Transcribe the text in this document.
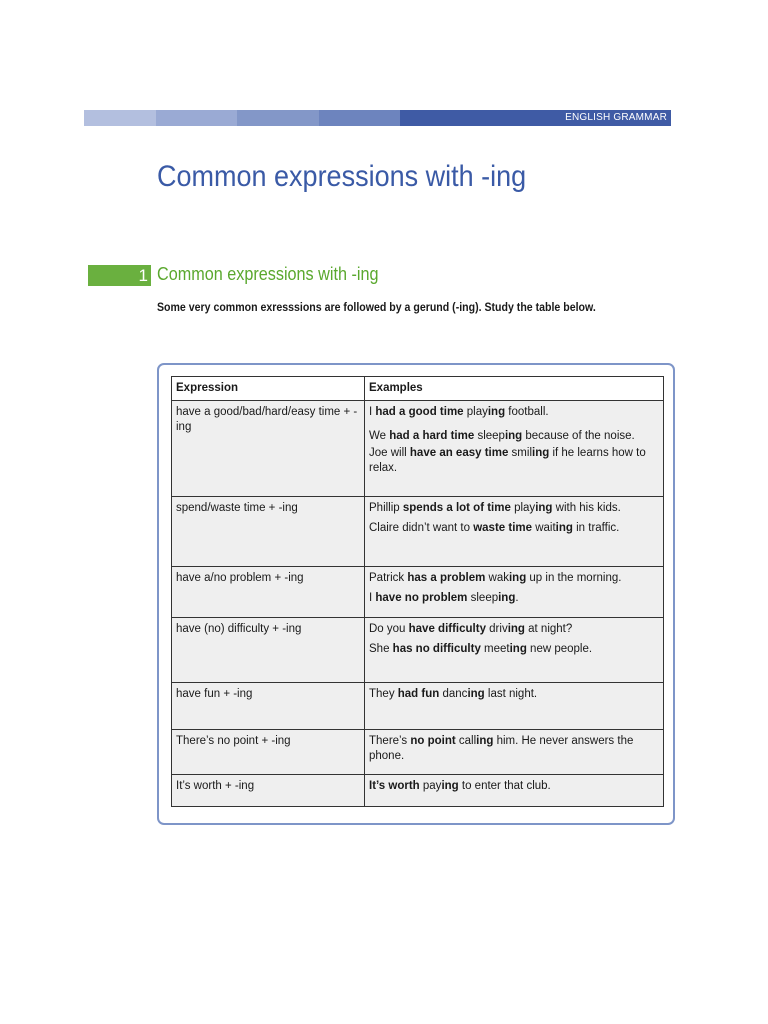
ENGLISH GRAMMAR
Common expressions with -ing
1 Common expressions with -ing

Some very common exresssions are followed by a gerund (-ing). Study the table below.

Expression	Examples
have a good/bad/hard/easy time + -ing	I had a good time playing football.

We had a hard time sleeping because of the noise.

Joe will have an easy time smiling if he learns how to relax.

spend/waste time + -ing	Phillip spends a lot of time playing with his kids.

Claire didn’t want to waste time waiting in traffic.

have a/no problem + -ing	Patrick has a problem waking up in the morning.

I have no problem sleeping.

have (no) difficulty + -ing	Do you have difficulty driving at night?

She has no difficulty meeting new people.

have fun + -ing	They had fun dancing last night.

There’s no point + -ing	There’s no point calling him. He never answers the phone.

It’s worth + -ing	It’s worth paying to enter that club.
